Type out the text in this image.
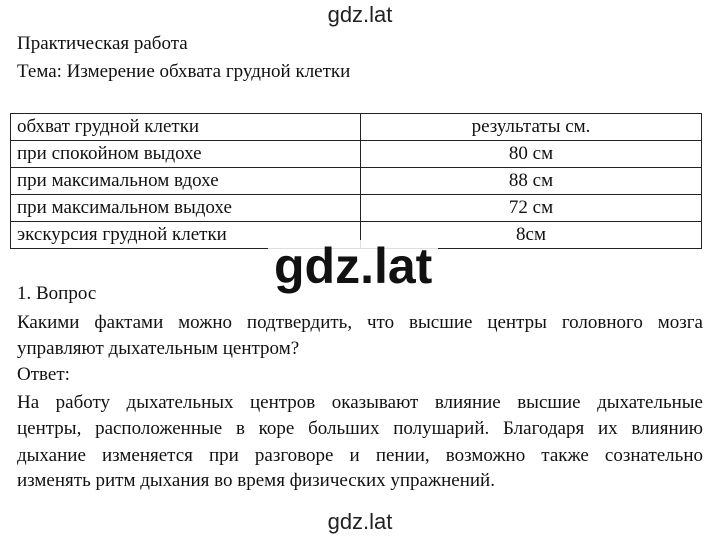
gdz.lat
Практическая работа
Тема: Измерение обхвата грудной клетки
обхват грудной клетки	результаты см.
при спокойном выдохе	80 см
при максимальном вдохе	88 см
при максимальном выдохе	72 см
экскурсия грудной клетки	8см
gdz.lat
1. Вопрос
Какими фактами можно подтвердить, что высшие центры головного мозга
управляют дыхательным центром?
Ответ:
На работу дыхательных центров оказывают влияние высшие дыхательные
центры, расположенные в коре больших полушарий. Благодаря их влиянию
дыхание изменяется при разговоре и пении, возможно также сознательно
изменять ритм дыхания во время физических упражнений.
gdz.lat
